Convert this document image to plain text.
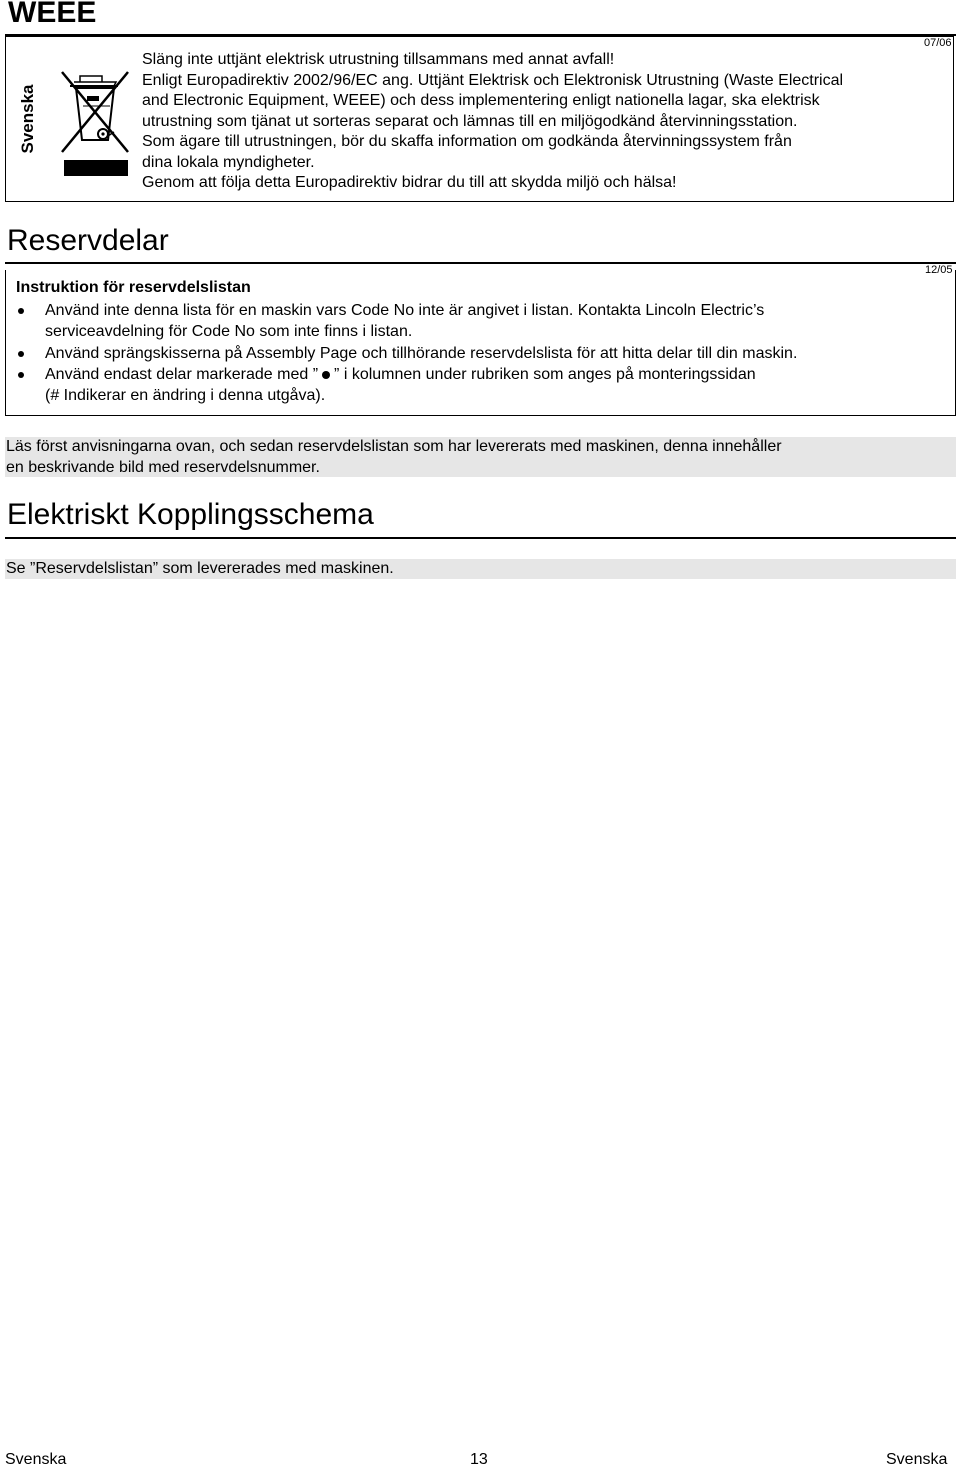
WEEE
07/06
Svenska

Släng inte uttjänt elektrisk utrustning tillsammans med annat avfall!

Enligt Europadirektiv 2002/96/EC ang. Uttjänt Elektrisk och Elektronisk Utrustning (Waste Electrical

and Electronic Equipment, WEEE) och dess implementering enligt nationella lagar, ska elektrisk

utrustning som tjänat ut sorteras separat och lämnas till en miljögodkänd återvinningsstation.

Som ägare till utrustningen, bör du skaffa information om godkända återvinningssystem från

dina lokala myndigheter.

Genom att följa detta Europadirektiv bidrar du till att skydda miljö och hälsa!

Reservdelar
12/05
Instruktion för reservdelslistan
Använd inte denna lista för en maskin vars Code No inte är angivet i listan. Kontakta Lincoln Electric’s
serviceavdelning för Code No som inte finns i listan.
Använd sprängskisserna på Assembly Page och tillhörande reservdelslista för att hitta delar till din maskin.
Använd endast delar markerade med ” ” i kolumnen under rubriken som anges på monteringssidan
(# Indikerar en ändring i denna utgåva).
Läs först anvisningarna ovan, och sedan reservdelslistan som har levererats med maskinen, denna innehåller
en beskrivande bild med reservdelsnummer.
Elektriskt Kopplingsschema
Se ”Reservdelslistan” som levererades med maskinen.
Svenska	13	Svenska
